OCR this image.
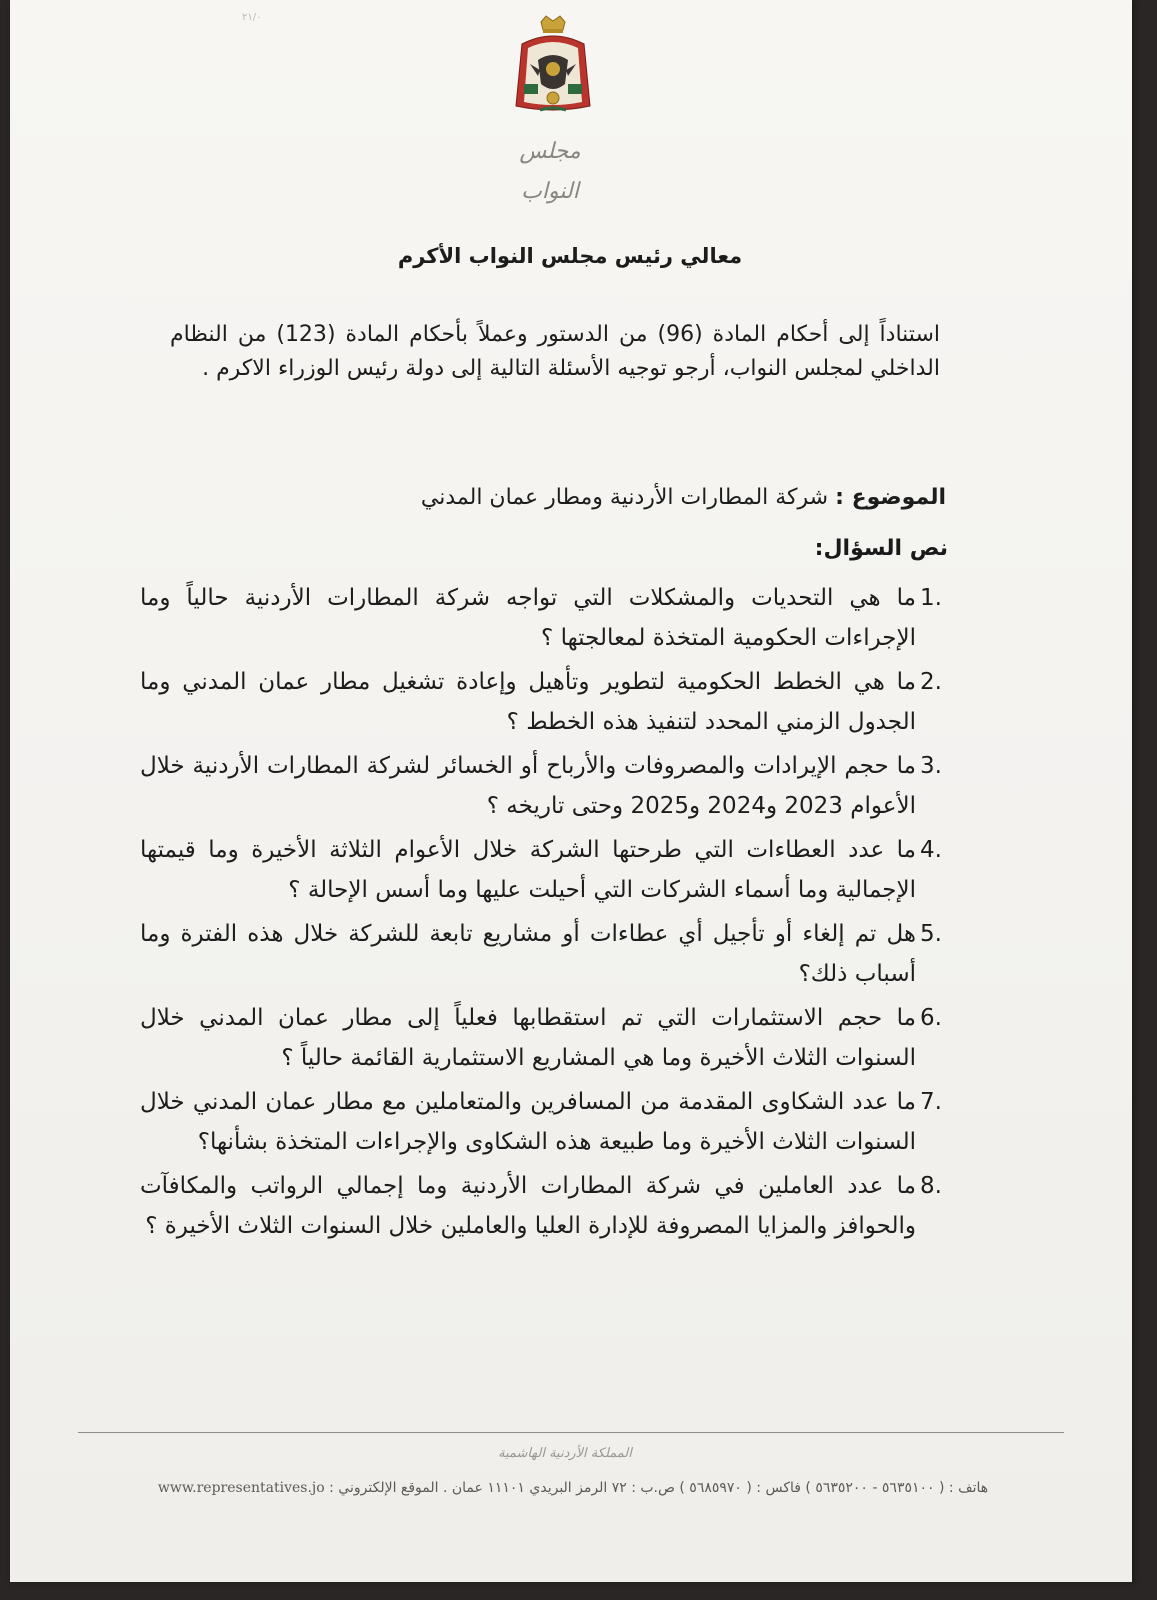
٢١/٠
مجلس النواب
معالي رئيس مجلس النواب الأكرم
استناداً إلى أحكام المادة (96) من الدستور وعملاً بأحكام المادة (123) من النظام الداخلي لمجلس النواب، أرجو توجيه الأسئلة التالية إلى دولة رئيس الوزراء الاكرم .
الموضوع : شركة المطارات الأردنية ومطار عمان المدني
نص السؤال:
1.
ما هي التحديات والمشكلات التي تواجه شركة المطارات الأردنية حالياً وما الإجراءات الحكومية المتخذة لمعالجتها ؟
2.
ما هي الخطط الحكومية لتطوير وتأهيل وإعادة تشغيل مطار عمان المدني وما الجدول الزمني المحدد لتنفيذ هذه الخطط ؟
3.
ما حجم الإيرادات والمصروفات والأرباح أو الخسائر لشركة المطارات الأردنية خلال الأعوام 2023 و2024 و2025 وحتى تاريخه ؟
4.
ما عدد العطاءات التي طرحتها الشركة خلال الأعوام الثلاثة الأخيرة وما قيمتها الإجمالية وما أسماء الشركات التي أحيلت عليها وما أسس الإحالة ؟
5.
هل تم إلغاء أو تأجيل أي عطاءات أو مشاريع تابعة للشركة خلال هذه الفترة وما أسباب ذلك؟
6.
ما حجم الاستثمارات التي تم استقطابها فعلياً إلى مطار عمان المدني خلال السنوات الثلاث الأخيرة وما هي المشاريع الاستثمارية القائمة حالياً ؟
7.
ما عدد الشكاوى المقدمة من المسافرين والمتعاملين مع مطار عمان المدني خلال السنوات الثلاث الأخيرة وما طبيعة هذه الشكاوى والإجراءات المتخذة بشأنها؟
8.
ما عدد العاملين في شركة المطارات الأردنية وما إجمالي الرواتب والمكافآت والحوافز والمزايا المصروفة للإدارة العليا والعاملين خلال السنوات الثلاث الأخيرة ؟
المملكة الأردنية الهاشمية
هاتف : ( ٥٦٣٥١٠٠ - ٥٦٣٥٢٠٠ ) فاكس : ( ٥٦٨٥٩٧٠ ) ص.ب : ٧٢ الرمز البريدي ١١١٠١ عمان . الموقع الإلكتروني : www.representatives.jo
